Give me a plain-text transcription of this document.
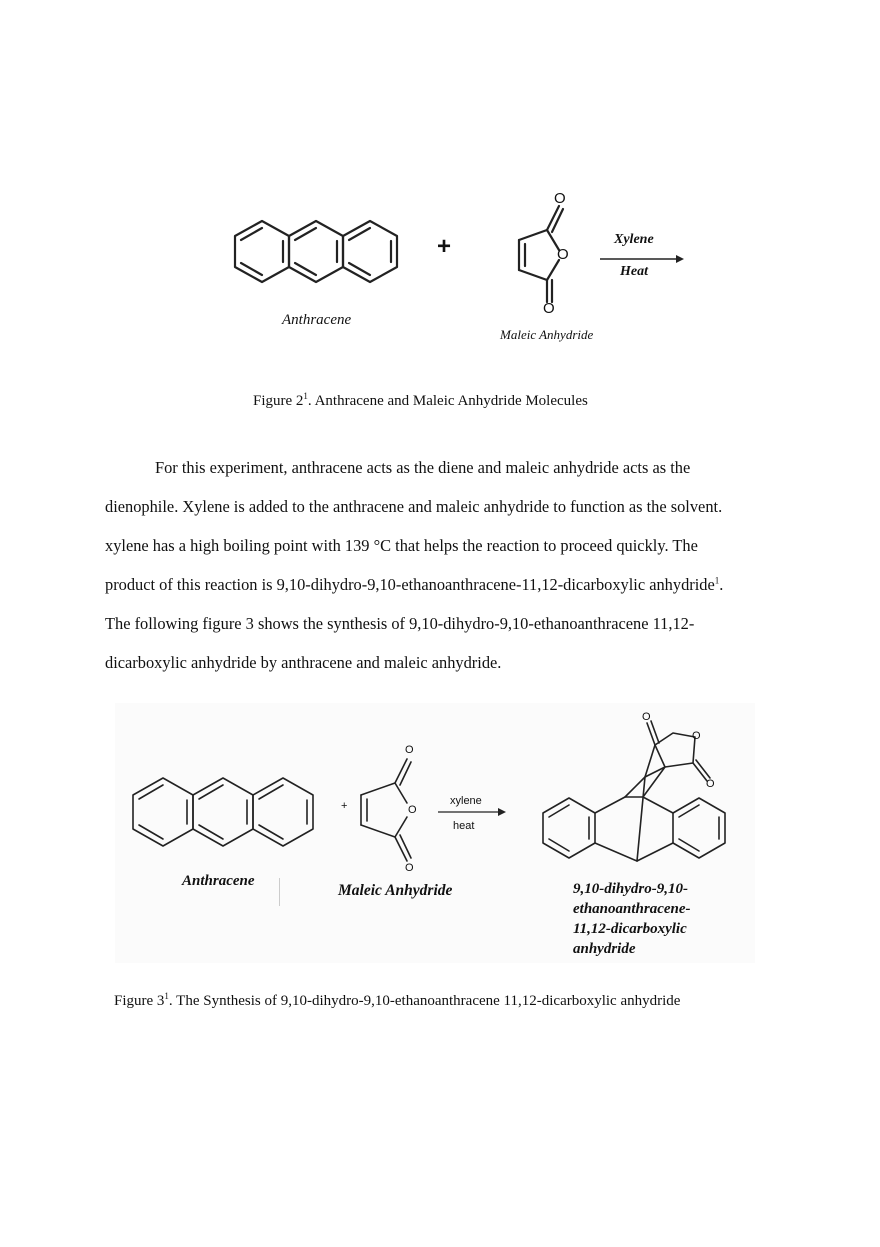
+
O
O
O
Xylene
Heat
Anthracene
Maleic Anhydride
Figure $2^1$. Anthracene and Maleic Anhydride Molecules
For this experiment, anthracene acts as the diene and maleic anhydride acts as the
dienophile. Xylene is added to the anthracene and maleic anhydride to function as the solvent.
xylene has a high boiling point with 139 °C that helps the reaction to proceed quickly. The
product of this reaction is 9,10-dihydro-9,10-ethanoanthracene-11,12-dicarboxylic anhydride$^1$.
The following figure 3 shows the synthesis of 9,10-dihydro-9,10-ethanoanthracene 11,12-
dicarboxylic anhydride by anthracene and maleic anhydride.
+
O
O
O
xylene
heat
O
O
O
Anthracene
Maleic Anhydride	9,10-dihydro-9,10-
ethanoanthracene-
11,12-dicarboxylic
anhydride
Figure $3^1$. The Synthesis of 9,10-dihydro-9,10-ethanoanthracene 11,12-dicarboxylic anhydride
